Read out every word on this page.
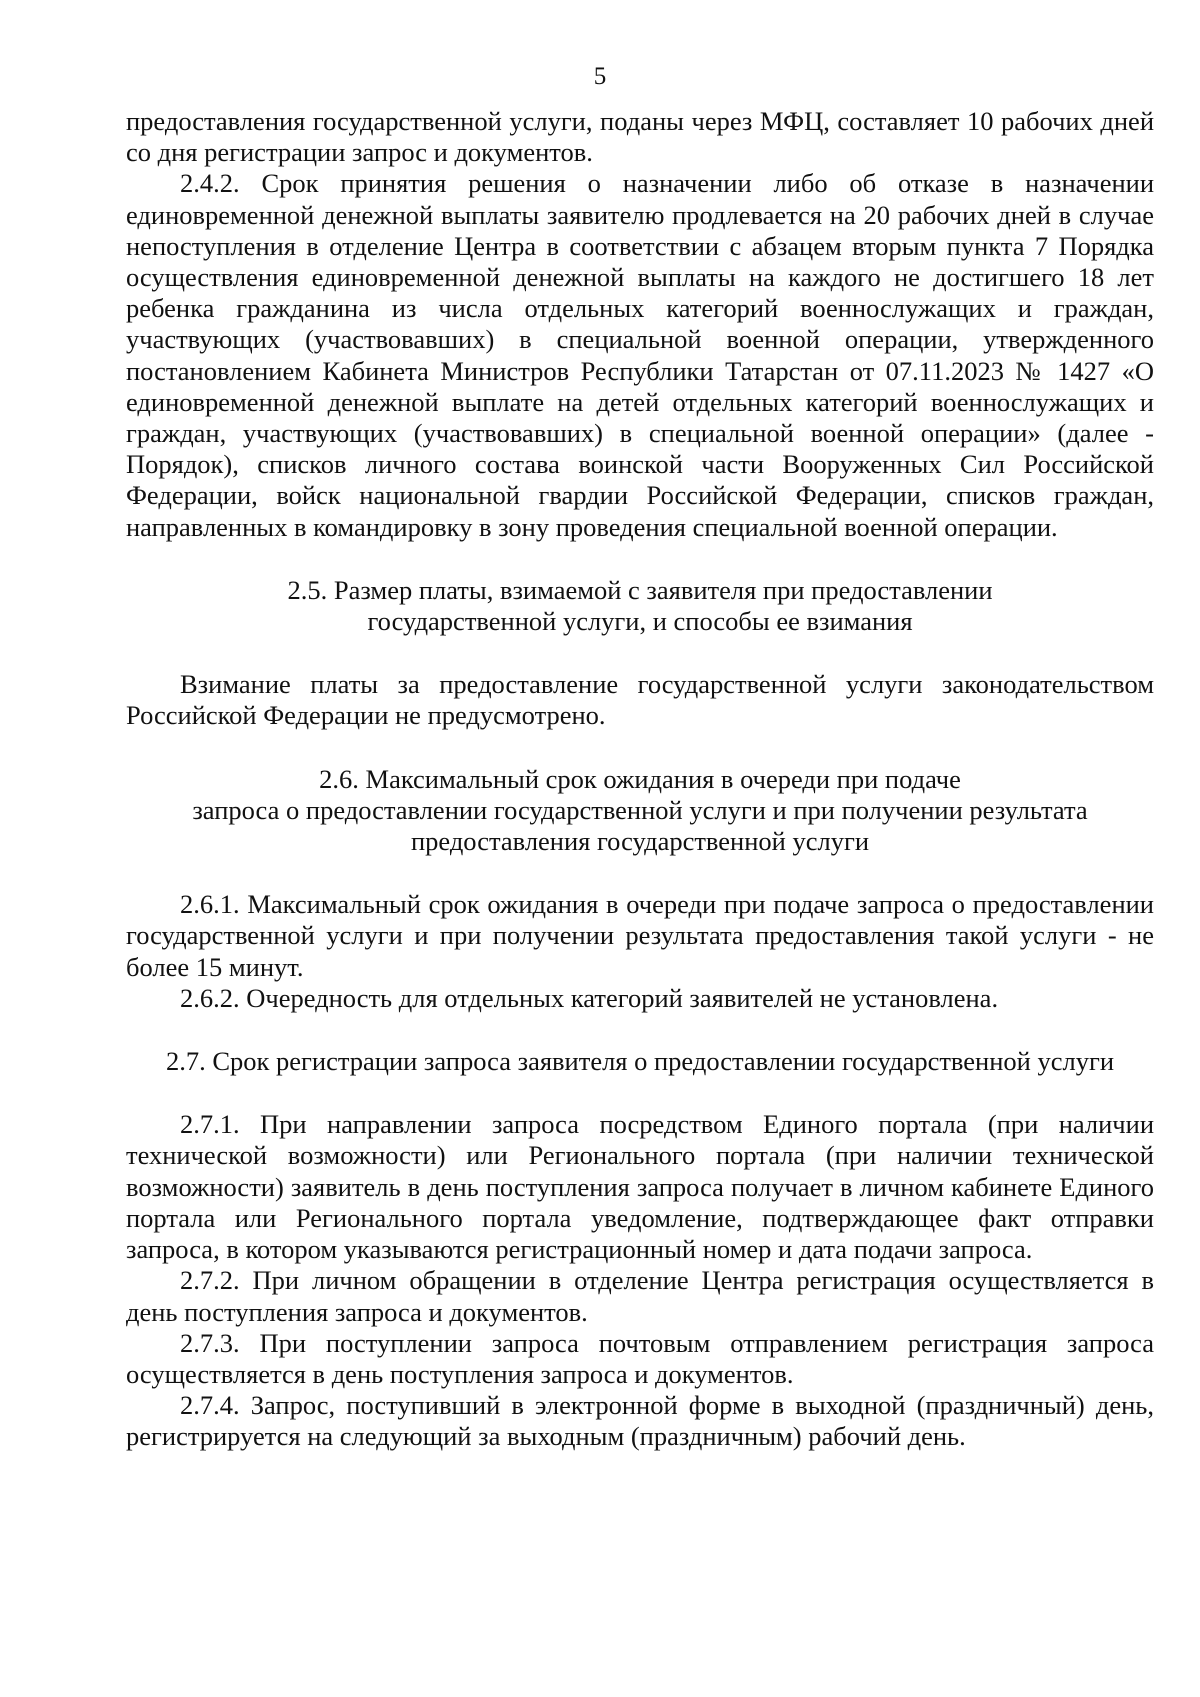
5

предоставления государственной услуги, поданы через МФЦ, составляет 10 рабочих дней со дня регистрации запрос и документов.

2.4.2. Срок принятия решения о назначении либо об отказе в назначении единовременной денежной выплаты заявителю продлевается на 20 рабочих дней в случае непоступления в отделение Центра в соответствии с абзацем вторым пункта 7 Порядка осуществления единовременной денежной выплаты на каждого не достигшего 18 лет ребенка гражданина из числа отдельных категорий военнослужащих и граждан, участвующих (участвовавших) в специальной военной операции, утвержденного постановлением Кабинета Министров Республики Татарстан от 07.11.2023 № 1427 «О единовременной денежной выплате на детей отдельных категорий военнослужащих и граждан, участвующих (участвовавших) в специальной военной операции» (далее - Порядок), списков личного состава воинской части Вооруженных Сил Российской Федерации, войск национальной гвардии Российской Федерации, списков граждан, направленных в командировку в зону проведения специальной военной операции.

2.5. Размер платы, взимаемой с заявителя при предоставлении
государственной услуги, и способы ее взимания

Взимание платы за предоставление государственной услуги законодательством Российской Федерации не предусмотрено.

2.6. Максимальный срок ожидания в очереди при подаче
запроса о предоставлении государственной услуги и при получении результата
предоставления государственной услуги

2.6.1. Максимальный срок ожидания в очереди при подаче запроса о предоставлении государственной услуги и при получении результата предоставления такой услуги - не более 15 минут.

2.6.2. Очередность для отдельных категорий заявителей не установлена.

2.7. Срок регистрации запроса заявителя о предоставлении государственной услуги

2.7.1. При направлении запроса посредством Единого портала (при наличии технической возможности) или Регионального портала (при наличии технической возможности) заявитель в день поступления запроса получает в личном кабинете Единого портала или Регионального портала уведомление, подтверждающее факт отправки запроса, в котором указываются регистрационный номер и дата подачи запроса.

2.7.2. При личном обращении в отделение Центра регистрация осуществляется в день поступления запроса и документов.

2.7.3. При поступлении запроса почтовым отправлением регистрация запроса осуществляется в день поступления запроса и документов.

2.7.4. Запрос, поступивший в электронной форме в выходной (праздничный) день, регистрируется на следующий за выходным (праздничным) рабочий день.
